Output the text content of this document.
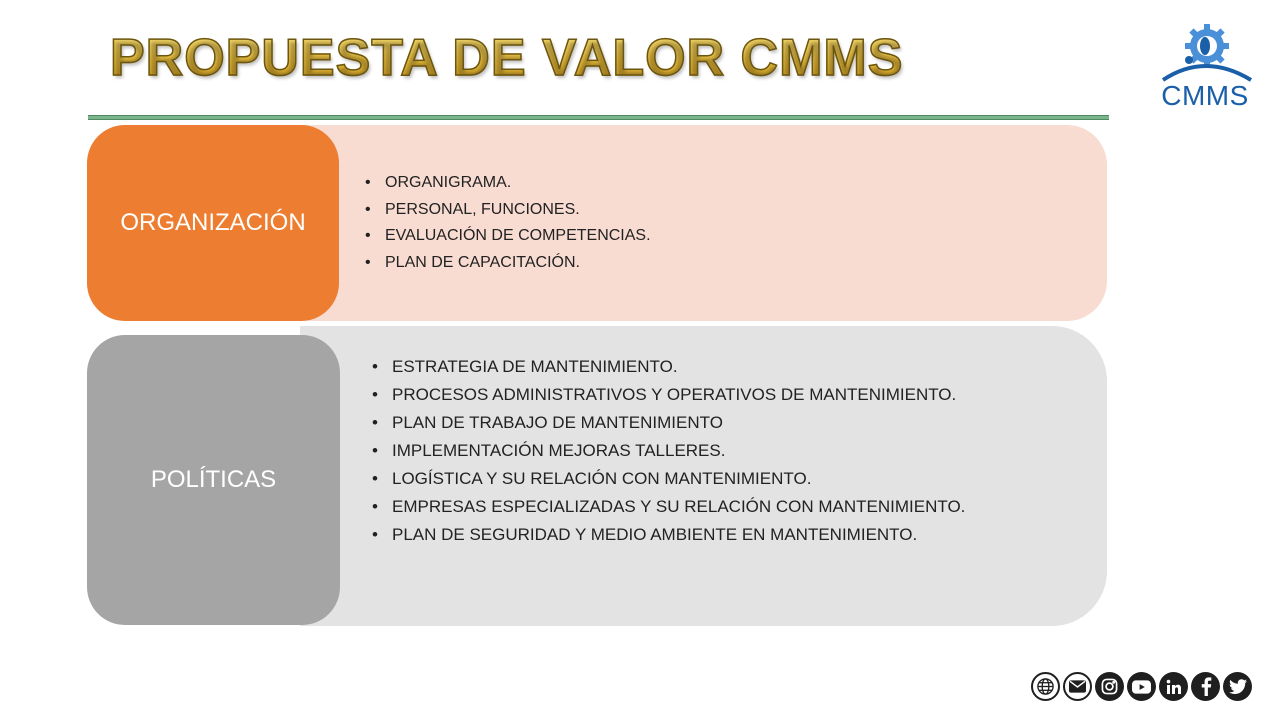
PROPUESTA DE VALOR CMMS
CMMS
ORGANIZACIÓN
• ORGANIGRAMA.
• PERSONAL, FUNCIONES.
• EVALUACIÓN DE COMPETENCIAS.
• PLAN DE CAPACITACIÓN.
POLÍTICAS
• ESTRATEGIA DE MANTENIMIENTO.
• PROCESOS ADMINISTRATIVOS Y OPERATIVOS DE MANTENIMIENTO.
• PLAN DE TRABAJO DE MANTENIMIENTO
• IMPLEMENTACIÓN MEJORAS TALLERES.
• LOGÍSTICA Y SU RELACIÓN CON MANTENIMIENTO.
• EMPRESAS ESPECIALIZADAS Y SU RELACIÓN CON MANTENIMIENTO.
• PLAN DE SEGURIDAD Y MEDIO AMBIENTE EN MANTENIMIENTO.
